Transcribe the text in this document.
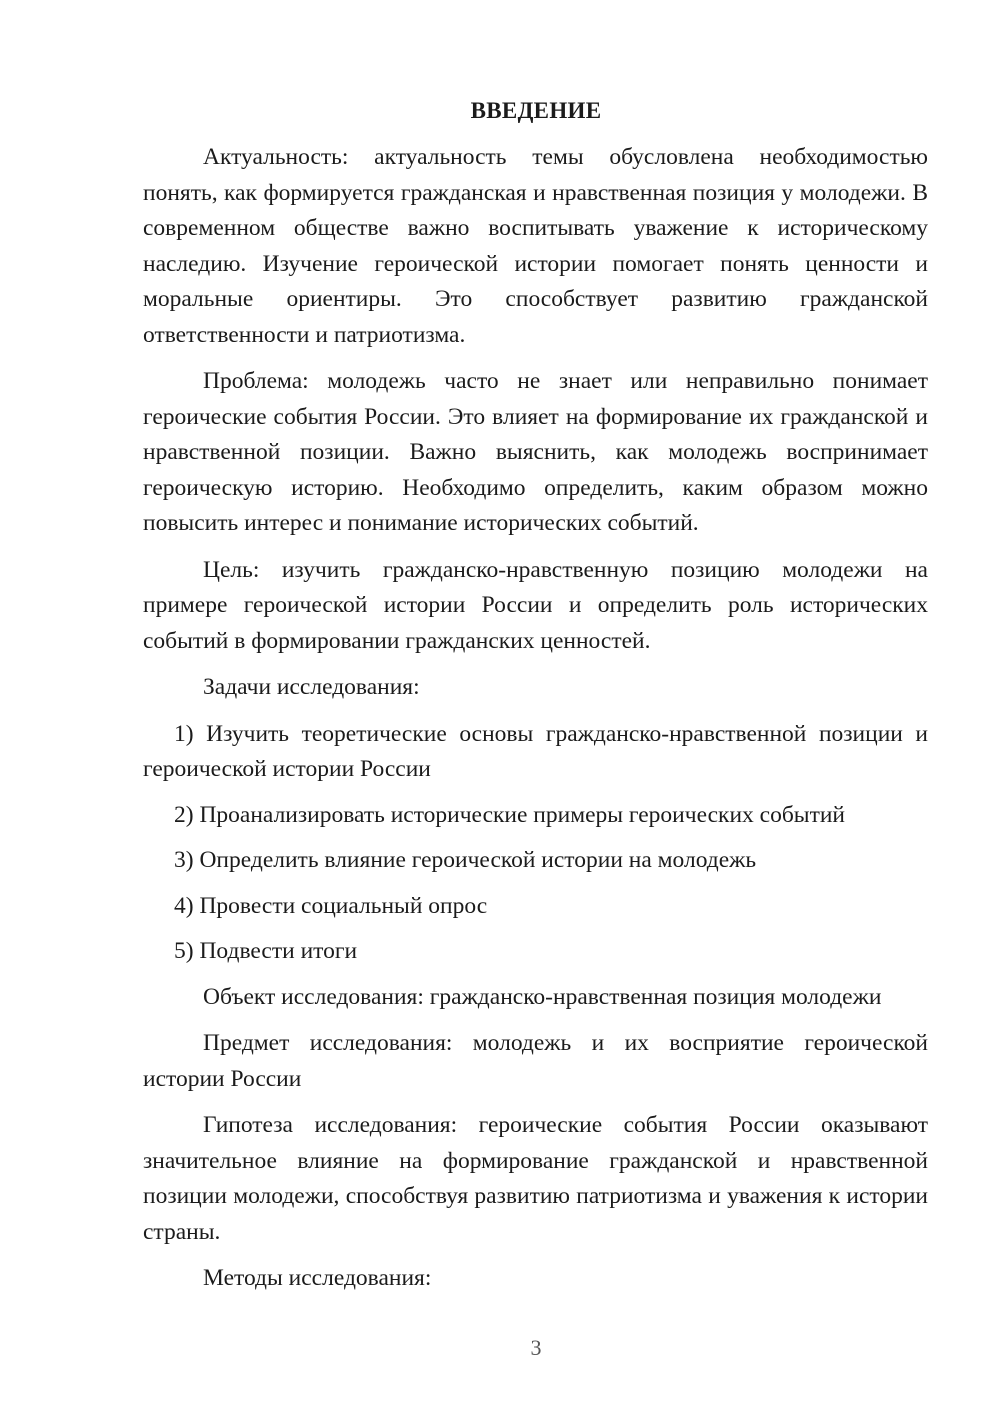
ВВЕДЕНИЕ

Актуальность: актуальность темы обусловлена необходимостью понять, как формируется гражданская и нравственная позиция у молодежи. В современном обществе важно воспитывать уважение к историческому наследию. Изучение героической истории помогает понять ценности и моральные ориентиры. Это способствует развитию гражданской ответственности и патриотизма.

Проблема: молодежь часто не знает или неправильно понимает героические события России. Это влияет на формирование их гражданской и нравственной позиции. Важно выяснить, как молодежь воспринимает героическую историю. Необходимо определить, каким образом можно повысить интерес и понимание исторических событий.

Цель: изучить гражданско-нравственную позицию молодежи на примере героической истории России и определить роль исторических событий в формировании гражданских ценностей.

Задачи исследования:

1) Изучить теоретические основы гражданско-нравственной позиции и героической истории России

2) Проанализировать исторические примеры героических событий

3) Определить влияние героической истории на молодежь

4) Провести социальный опрос

5) Подвести итоги

Объект исследования: гражданско-нравственная позиция молодежи

Предмет исследования: молодежь и их восприятие героической истории России

Гипотеза исследования: героические события России оказывают значительное влияние на формирование гражданской и нравственной позиции молодежи, способствуя развитию патриотизма и уважения к истории страны.

Методы исследования:

3
